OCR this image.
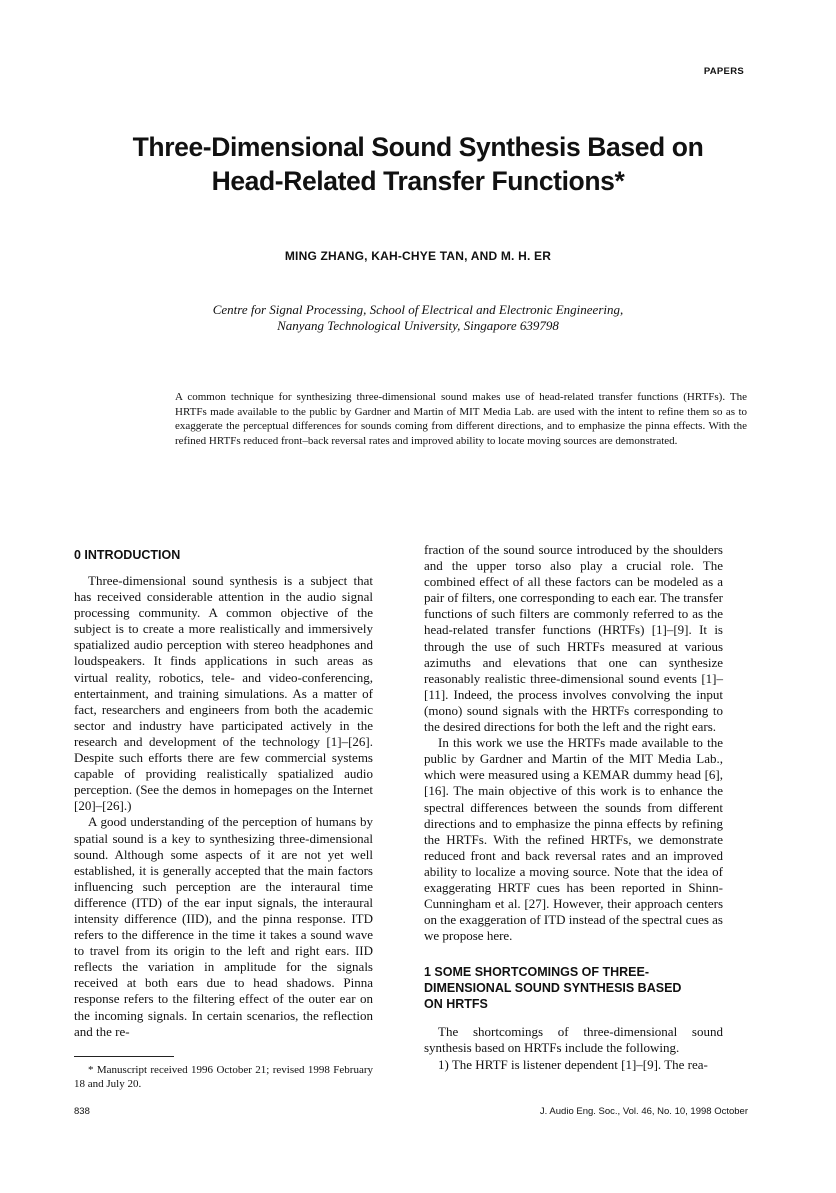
PAPERS
Three-Dimensional Sound Synthesis Based on
Head-Related Transfer Functions*
MING ZHANG, KAH-CHYE TAN, AND M. H. ER
Centre for Signal Processing, School of Electrical and Electronic Engineering,
Nanyang Technological University, Singapore 639798
A common technique for synthesizing three-dimensional sound makes use of head-related transfer functions (HRTFs). The HRTFs made available to the public by Gardner and Martin of MIT Media Lab. are used with the intent to refine them so as to exaggerate the perceptual differences for sounds coming from different directions, and to emphasize the pinna effects. With the refined HRTFs reduced front–back reversal rates and improved ability to locate moving sources are demonstrated.
0 INTRODUCTION

Three-dimensional sound synthesis is a subject that has received considerable attention in the audio signal processing community. A common objective of the subject is to create a more realistically and immersively spatialized audio perception with stereo headphones and loudspeakers. It finds applications in such areas as virtual reality, robotics, tele- and video-conferencing, entertainment, and training simulations. As a matter of fact, researchers and engineers from both the academic sector and industry have participated actively in the research and development of the technology [1]–[26]. Despite such efforts there are few commercial systems capable of providing realistically spatialized audio perception. (See the demos in homepages on the Internet [20]–[26].)

A good understanding of the perception of humans by spatial sound is a key to synthesizing three-dimensional sound. Although some aspects of it are not yet well established, it is generally accepted that the main factors influencing such perception are the interaural time difference (ITD) of the ear input signals, the interaural intensity difference (IID), and the pinna response. ITD refers to the difference in the time it takes a sound wave to travel from its origin to the left and right ears. IID reflects the variation in amplitude for the signals received at both ears due to head shadows. Pinna response refers to the filtering effect of the outer ear on the incoming signals. In certain scenarios, the reflection and the re-

fraction of the sound source introduced by the shoulders and the upper torso also play a crucial role. The combined effect of all these factors can be modeled as a pair of filters, one corresponding to each ear. The transfer functions of such filters are commonly referred to as the head-related transfer functions (HRTFs) [1]–[9]. It is through the use of such HRTFs measured at various azimuths and elevations that one can synthesize reasonably realistic three-dimensional sound events [1]–[11]. Indeed, the process involves convolving the input (mono) sound signals with the HRTFs corresponding to the desired directions for both the left and the right ears.

In this work we use the HRTFs made available to the public by Gardner and Martin of the MIT Media Lab., which were measured using a KEMAR dummy head [6], [16]. The main objective of this work is to enhance the spectral differences between the sounds from different directions and to emphasize the pinna effects by refining the HRTFs. With the refined HRTFs, we demonstrate reduced front and back reversal rates and an improved ability to localize a moving source. Note that the idea of exaggerating HRTF cues has been reported in Shinn-Cunningham et al. [27]. However, their approach centers on the exaggeration of ITD instead of the spectral cues as we propose here.

1 SOME SHORTCOMINGS OF THREE-
DIMENSIONAL SOUND SYNTHESIS BASED
ON HRTFS

The shortcomings of three-dimensional sound synthesis based on HRTFs include the following.

1) The HRTF is listener dependent [1]–[9]. The rea-

* Manuscript received 1996 October 21; revised 1998 February 18 and July 20.

838	J. Audio Eng. Soc., Vol. 46, No. 10, 1998 October
